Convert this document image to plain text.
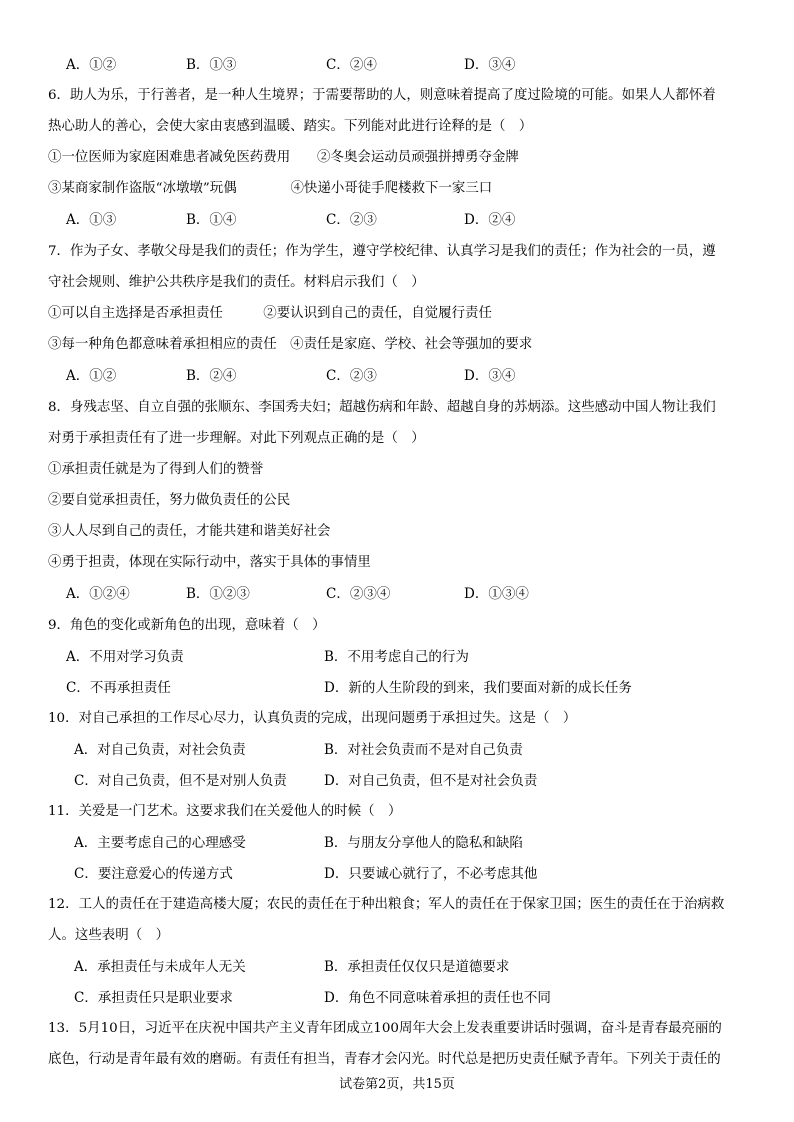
A．①②	B．①③	C．②④	D．③④
6．助人为乐，于行善者，是一种人生境界；于需要帮助的人，则意味着提高了度过险境的可能。如果人人都怀着
热心助人的善心，会使大家由衷感到温暖、踏实。下列能对此进行诠释的是（　）
①一位医师为家庭困难患者减免医药费用　　②冬奥会运动员顽强拼搏勇夺金牌
③某商家制作盗版“冰墩墩”玩偶　　　　④快递小哥徒手爬楼救下一家三口
A．①③	B．①④	C．②③	D．②④
7．作为子女、孝敬父母是我们的责任；作为学生，遵守学校纪律、认真学习是我们的责任；作为社会的一员，遵
守社会规则、维护公共秩序是我们的责任。材料启示我们（　）
①可以自主选择是否承担责任　　　②要认识到自己的责任，自觉履行责任
③每一种角色都意味着承担相应的责任　④责任是家庭、学校、社会等强加的要求
A．①②	B．②④	C．②③	D．③④
8．身残志坚、自立自强的张顺东、李国秀夫妇；超越伤病和年龄、超越自身的苏炳添。这些感动中国人物让我们
对勇于承担责任有了进一步理解。对此下列观点正确的是（　）
①承担责任就是为了得到人们的赞誉
②要自觉承担责任，努力做负责任的公民
③人人尽到自己的责任，才能共建和谐美好社会
④勇于担责，体现在实际行动中，落实于具体的事情里
A．①②④	B．①②③	C．②③④	D．①③④
9．角色的变化或新角色的出现，意味着（　）
A．不用对学习负责	B．不用考虑自己的行为
C．不再承担责任	D．新的人生阶段的到来，我们要面对新的成长任务
10．对自己承担的工作尽心尽力，认真负责的完成，出现问题勇于承担过失。这是（　）
A．对自己负责，对社会负责	B．对社会负责而不是对自己负责
C．对自己负责，但不是对别人负责	D．对自己负责，但不是对社会负责
11．关爱是一门艺术。这要求我们在关爱他人的时候（　）
A．主要考虑自己的心理感受	B．与朋友分享他人的隐私和缺陷
C．要注意爱心的传递方式	D．只要诚心就行了，不必考虑其他
12．工人的责任在于建造高楼大厦；农民的责任在于种出粮食；军人的责任在于保家卫国；医生的责任在于治病救
人。这些表明（　）
A．承担责任与未成年人无关	B．承担责任仅仅只是道德要求
C．承担责任只是职业要求	D．角色不同意味着承担的责任也不同
13．5月10日，习近平在庆祝中国共产主义青年团成立100周年大会上发表重要讲话时强调，奋斗是青春最亮丽的
底色，行动是青年最有效的磨砺。有责任有担当，青春才会闪光。时代总是把历史责任赋予青年。下列关于责任的
试卷第2页，共15页
